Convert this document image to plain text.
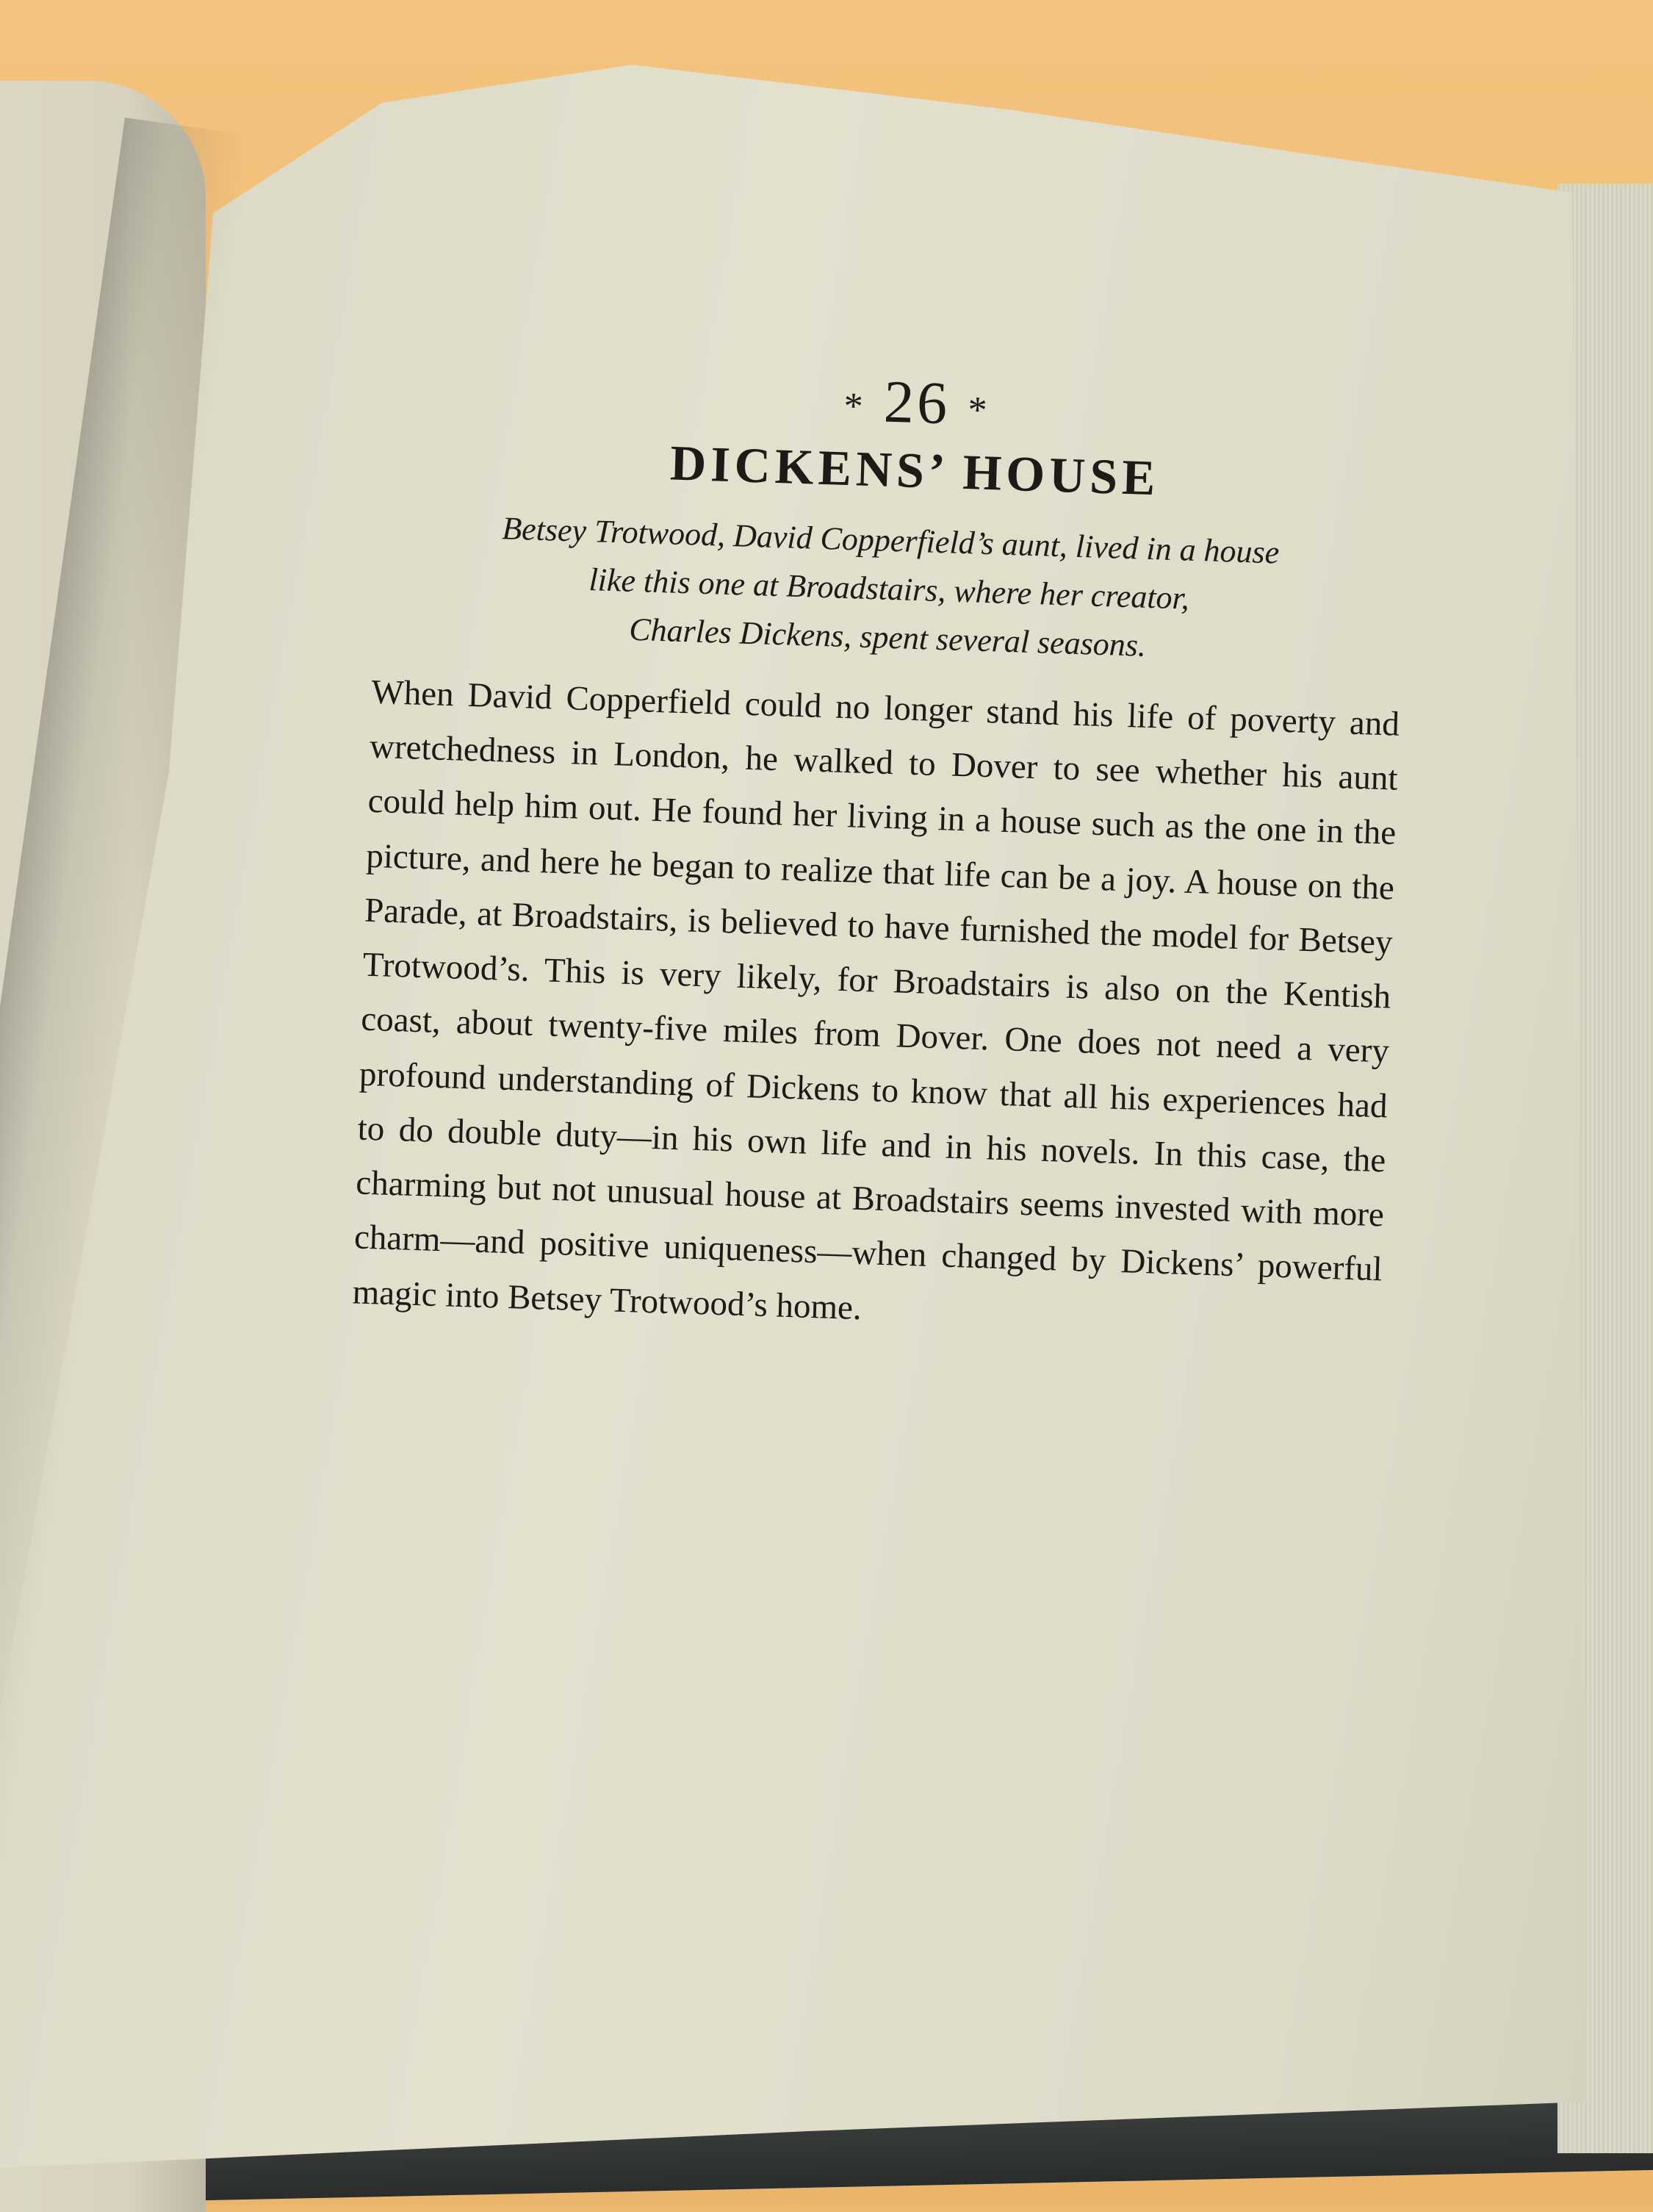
* 26 *
DICKENS’ HOUSE
Betsey Trotwood, David Copperfield’s aunt, lived in a house
like this one at Broadstairs, where her creator,
Charles Dickens, spent several seasons.

When David Copperfield could no longer stand his life of poverty and wretchedness in London, he walked to Dover to see whether his aunt could help him out. He found her living in a house such as the one in the picture, and here he began to realize that life can be a joy. A house on the Parade, at Broadstairs, is believed to have furnished the model for Betsey Trotwood’s. This is very likely, for Broadstairs is also on the Kentish coast, about twenty-five miles from Dover. One does not need a very profound understanding of Dickens to know that all his experiences had to do double duty—in his own life and in his novels. In this case, the charming but not unusual house at Broadstairs seems invested with more charm—and positive uniqueness—when changed by Dickens’ powerful magic into Betsey Trotwood’s home.
